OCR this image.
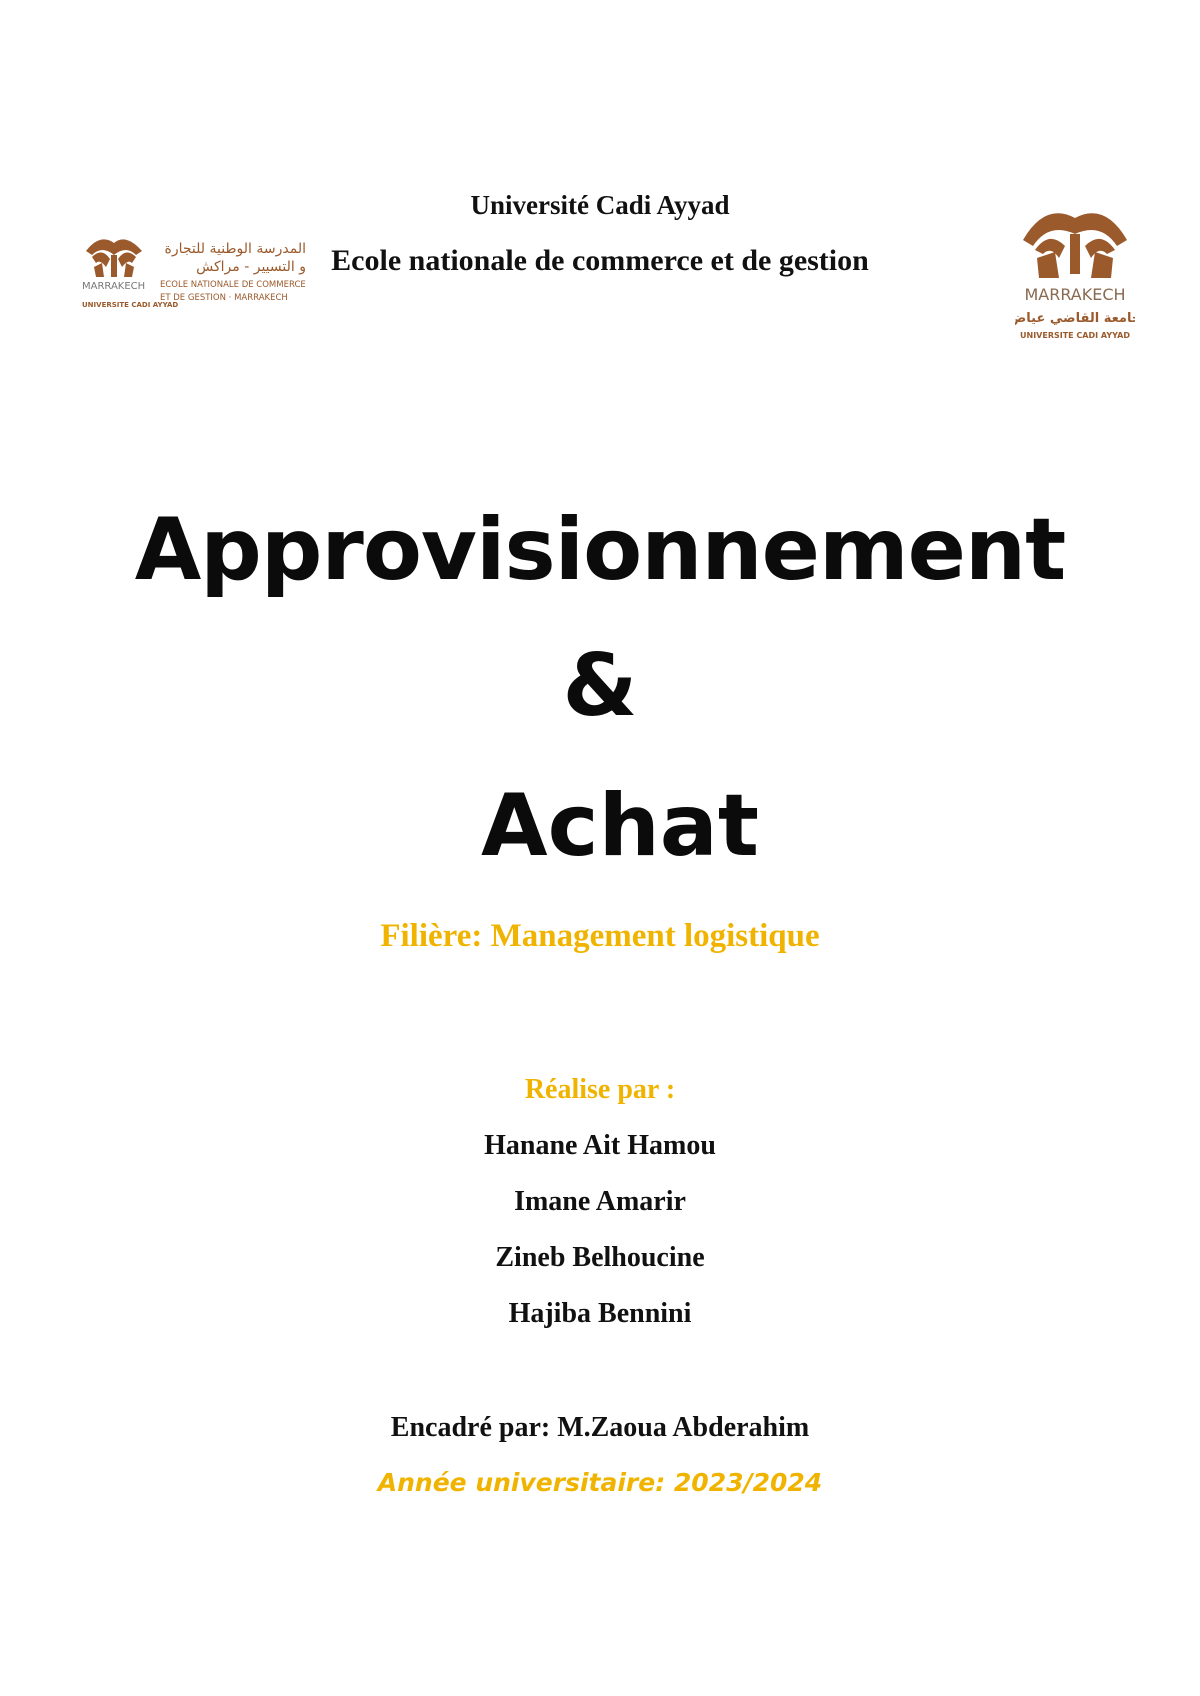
MARRAKECH
UNIVERSITE CADI AYYAD
المدرسة الوطنية للتجارة
و التسيير - مراكش
ECOLE NATIONALE DE COMMERCE
ET DE GESTION · MARRAKECH	MARRAKECH
جامعة القاضي عياض
UNIVERSITE CADI AYYAD
Université Cadi Ayyad
Ecole nationale de commerce et de gestion
Approvisionnement
&
Achat
Filière: Management logistique
Réalise par :
Hanane Ait Hamou
Imane Amarir
Zineb Belhoucine
Hajiba Bennini
Encadré par: M.Zaoua Abderahim
Année universitaire: 2023/2024
